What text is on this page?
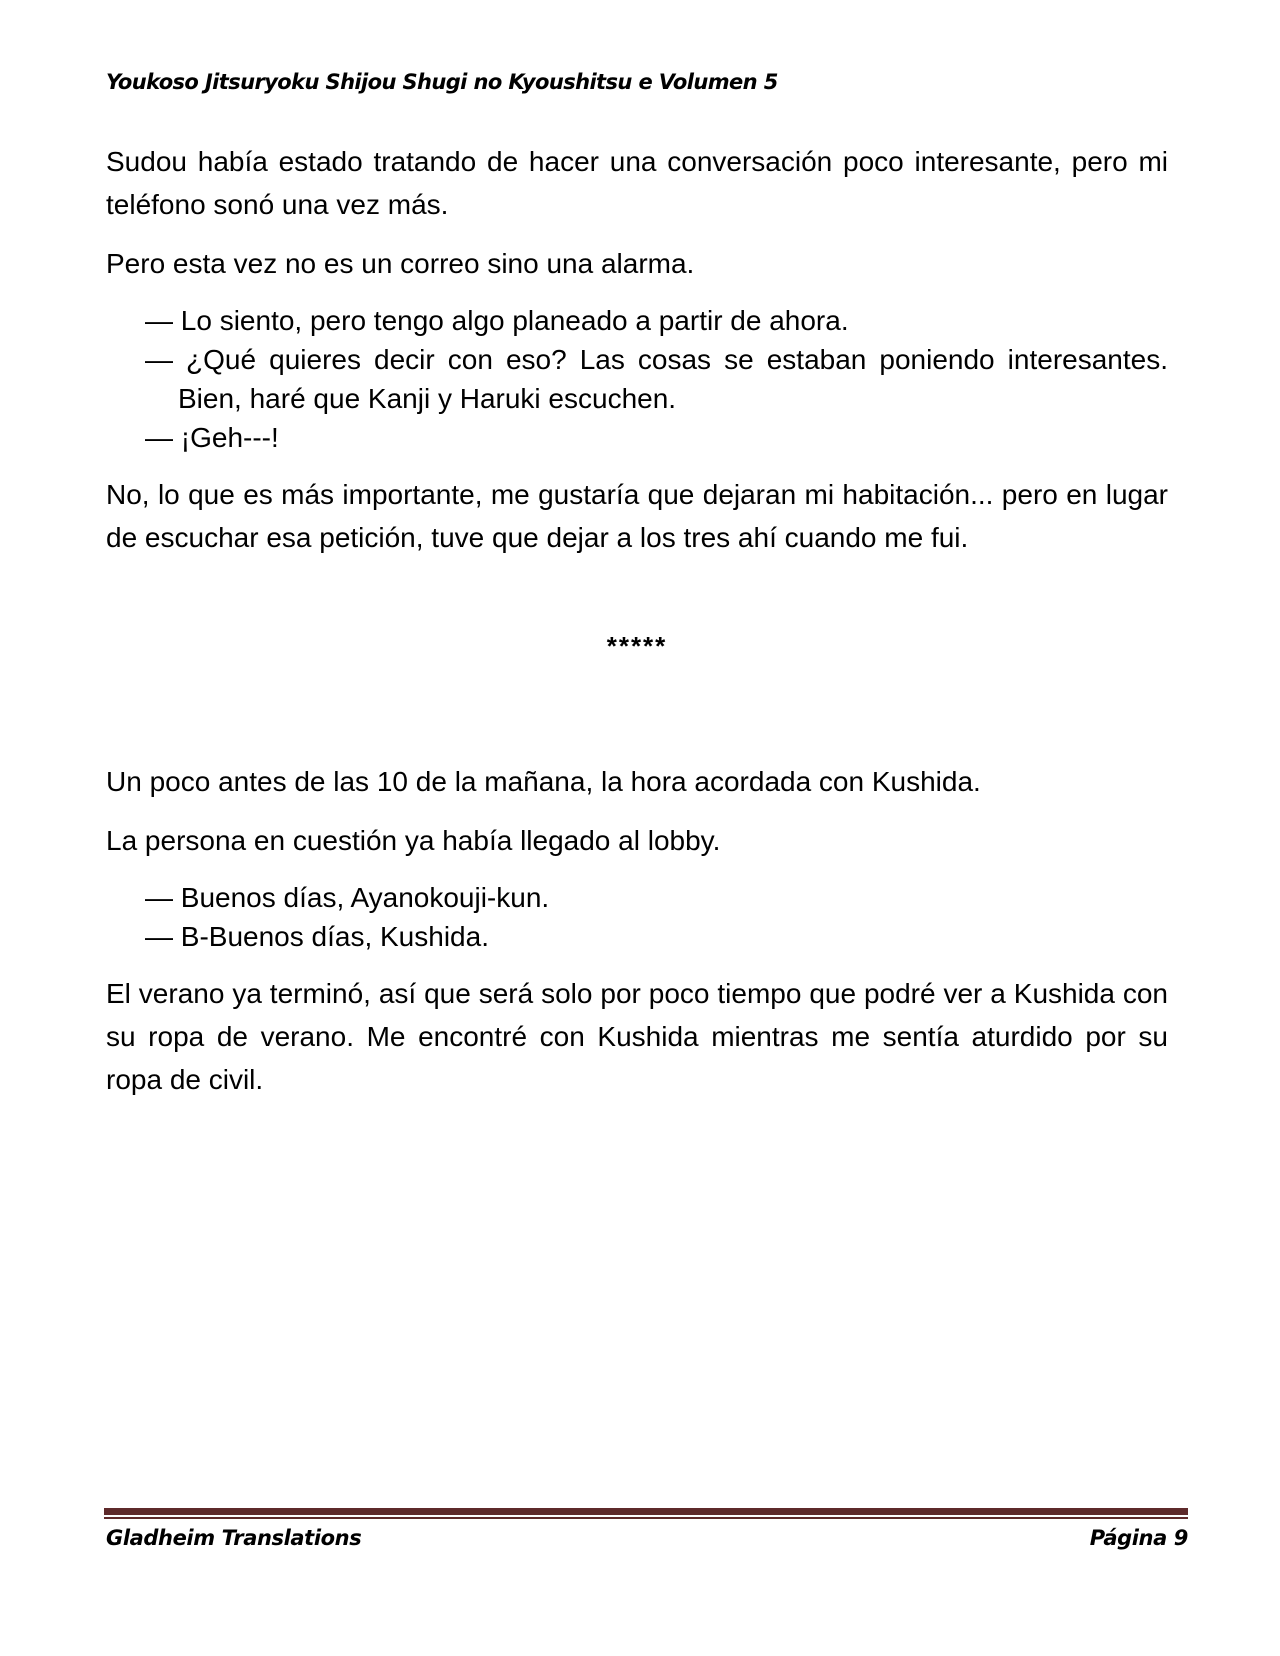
Youkoso Jitsuryoku Shijou Shugi no Kyoushitsu e Volumen 5

Sudou había estado tratando de hacer una conversación poco interesante, pero mi teléfono sonó una vez más.

Pero esta vez no es un correo sino una alarma.

— Lo siento, pero tengo algo planeado a partir de ahora.
— ¿Qué quieres decir con eso? Las cosas se estaban poniendo interesantes. Bien, haré que Kanji y Haruki escuchen.
— ¡Geh---!

No, lo que es más importante, me gustaría que dejaran mi habitación... pero en lugar de escuchar esa petición, tuve que dejar a los tres ahí cuando me fui.

*****

Un poco antes de las 10 de la mañana, la hora acordada con Kushida.

La persona en cuestión ya había llegado al lobby.

— Buenos días, Ayanokouji-kun.
— B-Buenos días, Kushida.

El verano ya terminó, así que será solo por poco tiempo que podré ver a Kushida con su ropa de verano. Me encontré con Kushida mientras me sentía aturdido por su ropa de civil.

Gladheim Translations	Página 9
